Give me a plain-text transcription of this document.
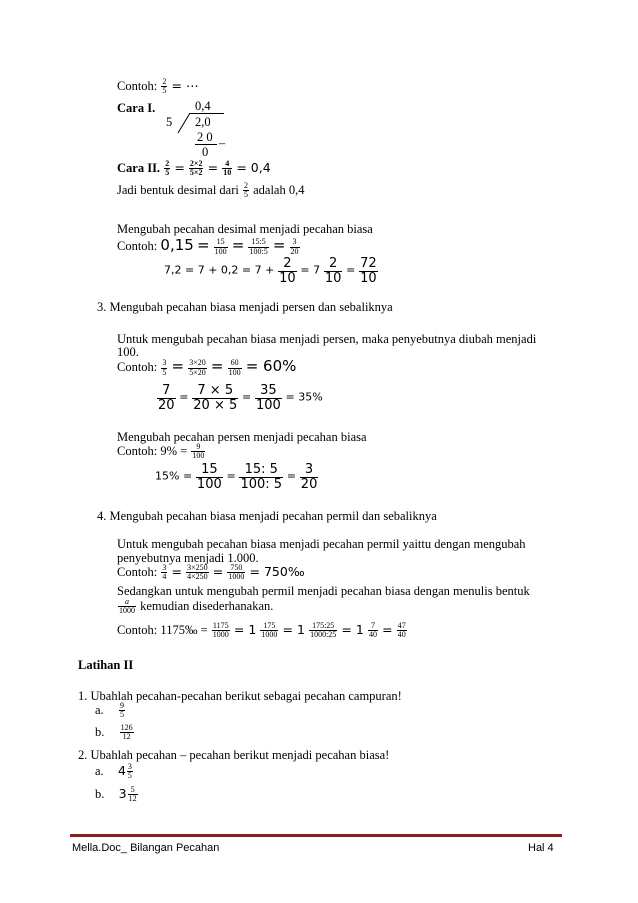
Contoh: $\frac{2}{5}$ = ⋯
Cara I.	0,4
5 2,0
2 0 –
0
Cara II. $\frac{2}{5} = \frac{2\times 2}{5\times 2} = \frac{4}{10} = 0,4$
Jadi bentuk desimal dari $\frac{2}{5}$ adalah 0,4
Mengubah pecahan desimal menjadi pecahan biasa
Contoh: $0,15 = \frac{15}{100} = \frac{15:5}{100:5} = \frac{3}{20}$
$7,2 = 7 + 0,2 = 7 + \frac{2}{10} = 7 \frac{2}{10} = \frac{72}{10}$
3. Mengubah pecahan biasa menjadi persen dan sebaliknya
Untuk mengubah pecahan biasa menjadi persen, maka penyebutnya diubah menjadi
100.
Contoh: $\frac{3}{5} = \frac{3\times 20}{5\times 20} = \frac{60}{100} = 60\%$
$\frac{7}{20} = \frac{7 \times 5}{20 \times 5} = \frac{35}{100} = 35\%$
Mengubah pecahan persen menjadi pecahan biasa
Contoh: $9\% = \frac{9}{100}$
$15\% = \frac{15}{100} = \frac{15: 5}{100: 5} = \frac{3}{20}$
4. Mengubah pecahan biasa menjadi pecahan permil dan sebaliknya
Untuk mengubah pecahan biasa menjadi pecahan permil yaittu dengan mengubah
penyebutnya menjadi 1.000.
Contoh: $\frac{3}{4} = \frac{3\times 250}{4\times 250} = \frac{750}{1000}$ = 750‰
Sedangkan untuk mengubah permil menjadi pecahan biasa dengan menulis bentuk
$\frac{a}{1000}$ kemudian disederhanakan.
Contoh: 1175‰ = $\frac{1175}{1000} = 1 \frac{175}{1000} = 1 \frac{175:25}{1000:25} = 1 \frac{7}{40} = \frac{47}{40}$
Latihan II
1. Ubahlah pecahan-pecahan berikut sebagai pecahan campuran!
a. $\frac{9}{5}$
b. $\frac{126}{12}$
2. Ubahlah pecahan – pecahan berikut menjadi pecahan biasa!
a. $4 \frac{3}{5}$
b. $3 \frac{5}{12}$
Mella.Doc_ Bilangan Pecahan	Hal 4
